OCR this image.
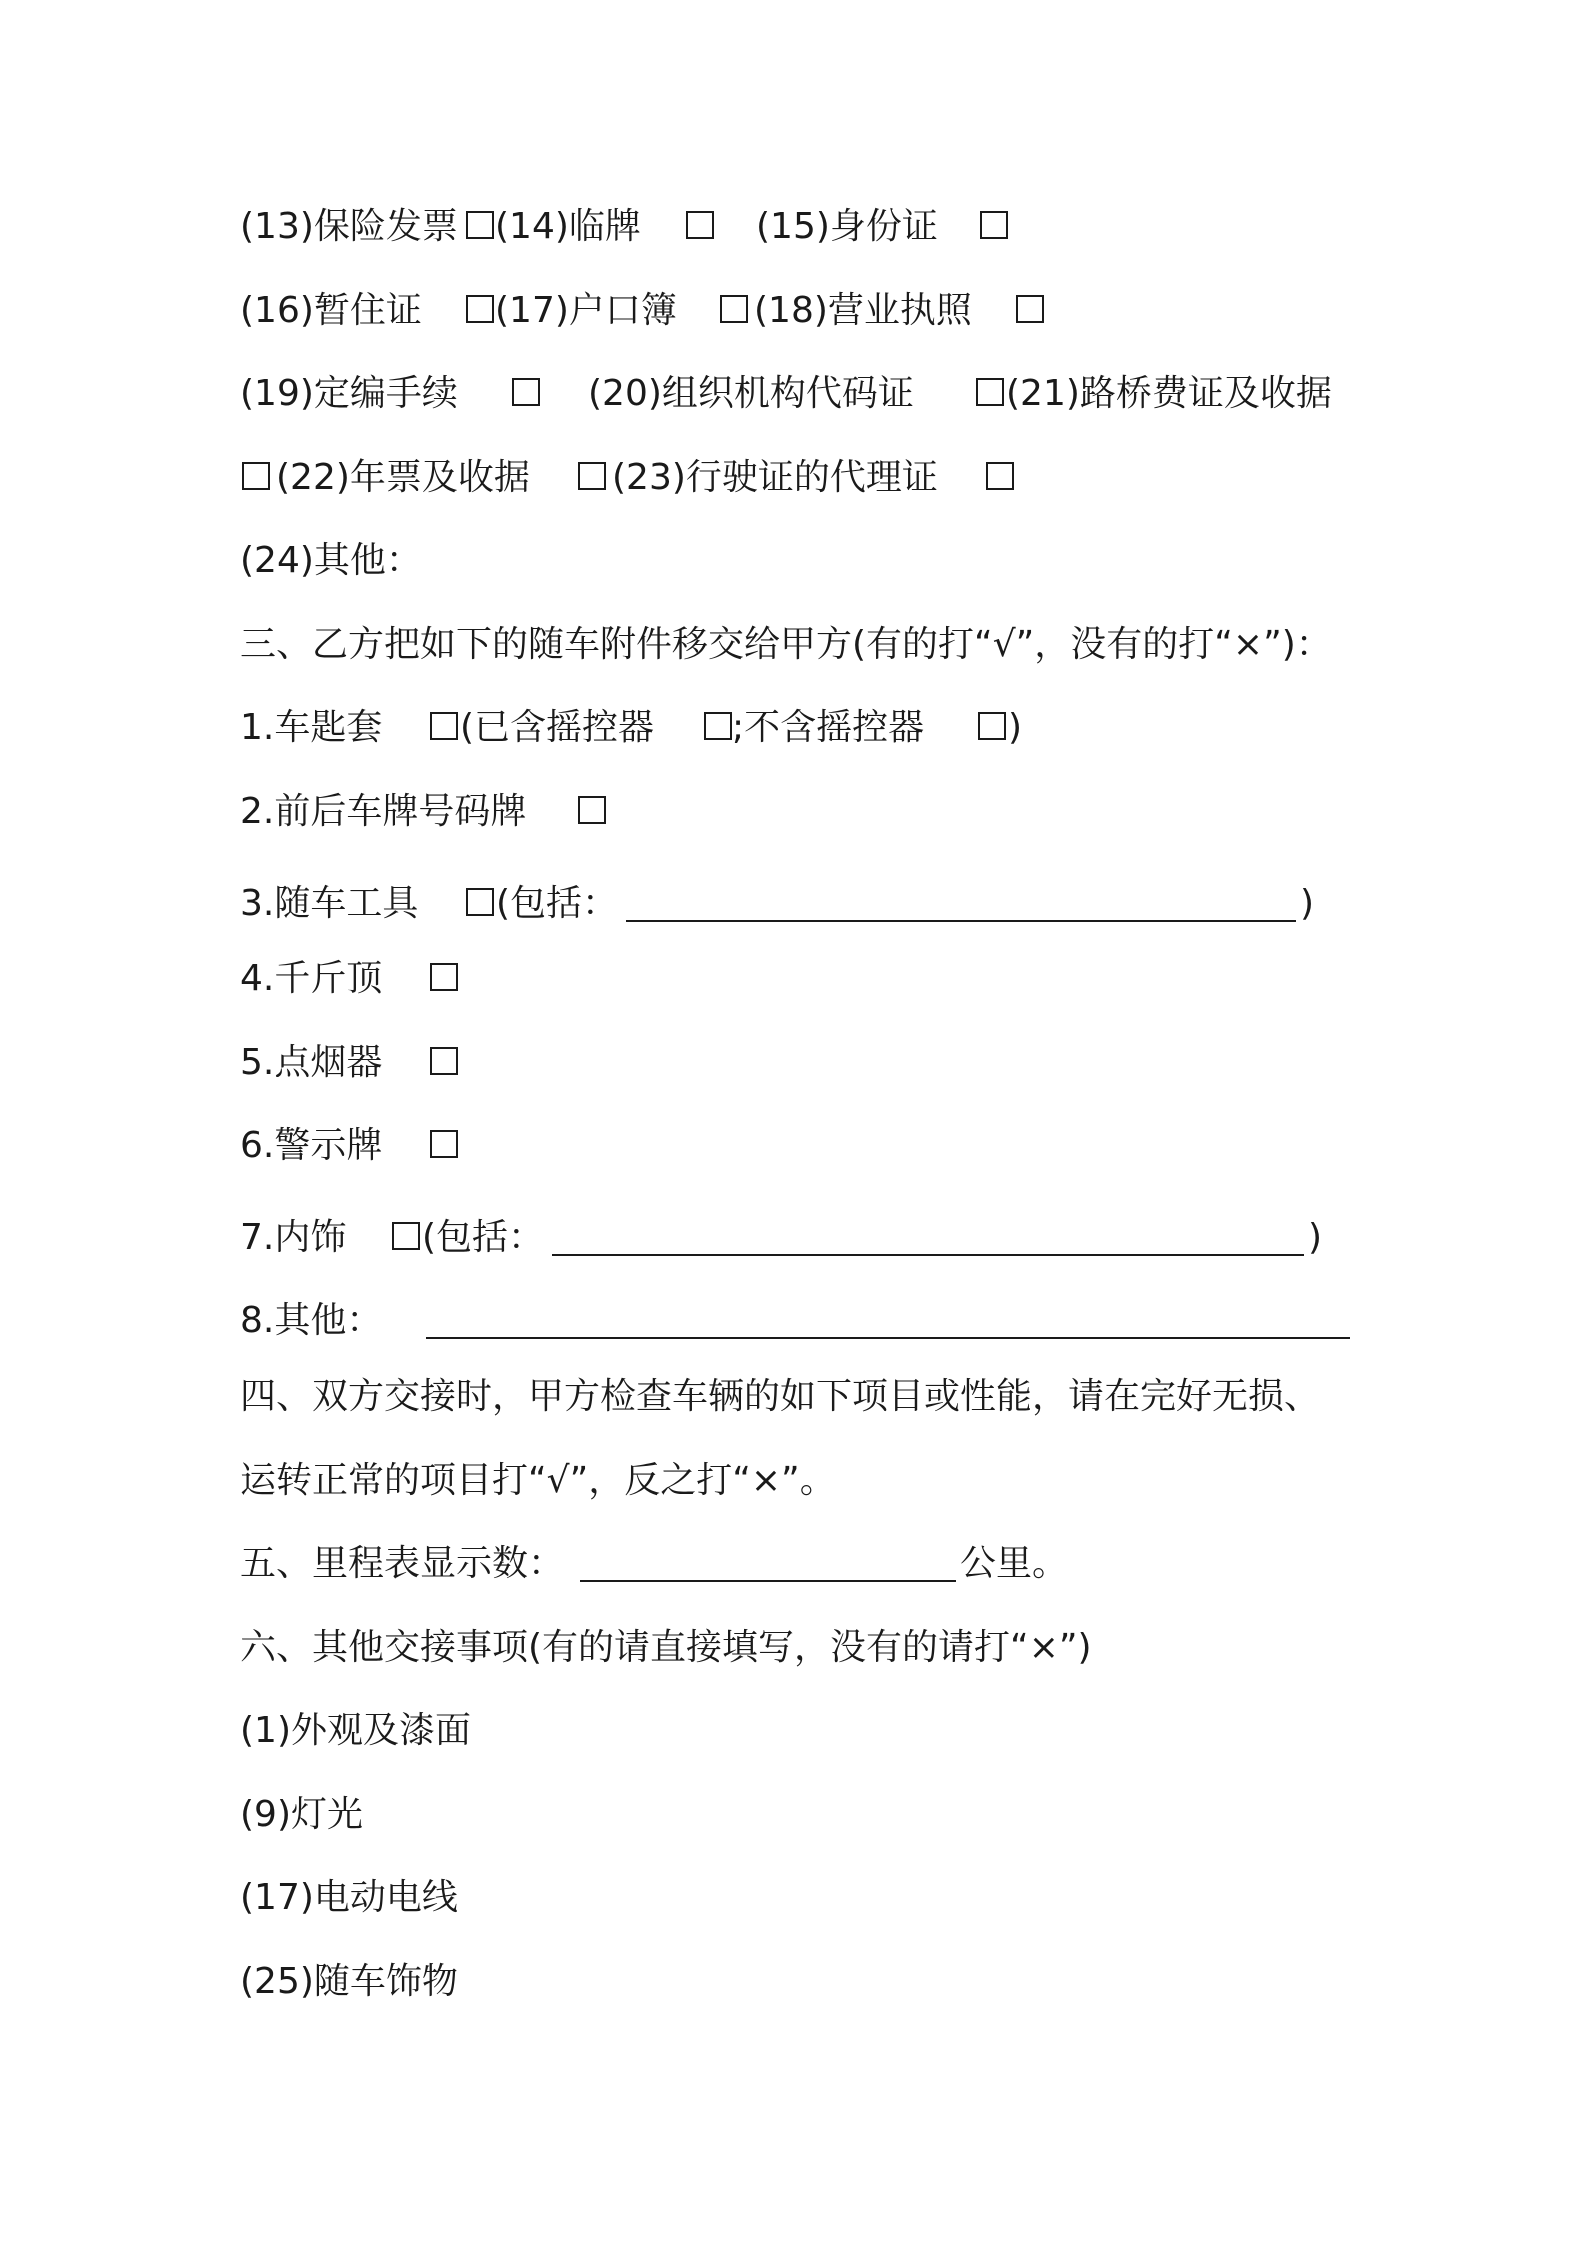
(13)保险发票 (14)临牌	(15)身份证
(16)暂住证 (17)户口簿 (18)营业执照
(19)定编手续	(20)组织机构代码证	(21)路桥费证及收据
(22)年票及收据 (23)行驶证的代理证
(24)其他：
三、乙方把如下的随车附件移交给甲方(有的打“√”，没有的打“×”)：
1.车匙套 (已含摇控器 ;不含摇控器 )
2.前后车牌号码牌
3.随车工具 (包括：	)
4.千斤顶
5.点烟器
6.警示牌
7.内饰 (包括：	)
8.其他：
四、双方交接时，甲方检查车辆的如下项目或性能，请在完好无损、
运转正常的项目打“√”，反之打“×”。
五、里程表显示数：	公里。
六、其他交接事项(有的请直接填写，没有的请打“×”)
(1)外观及漆面
(9)灯光
(17)电动电线
(25)随车饰物
